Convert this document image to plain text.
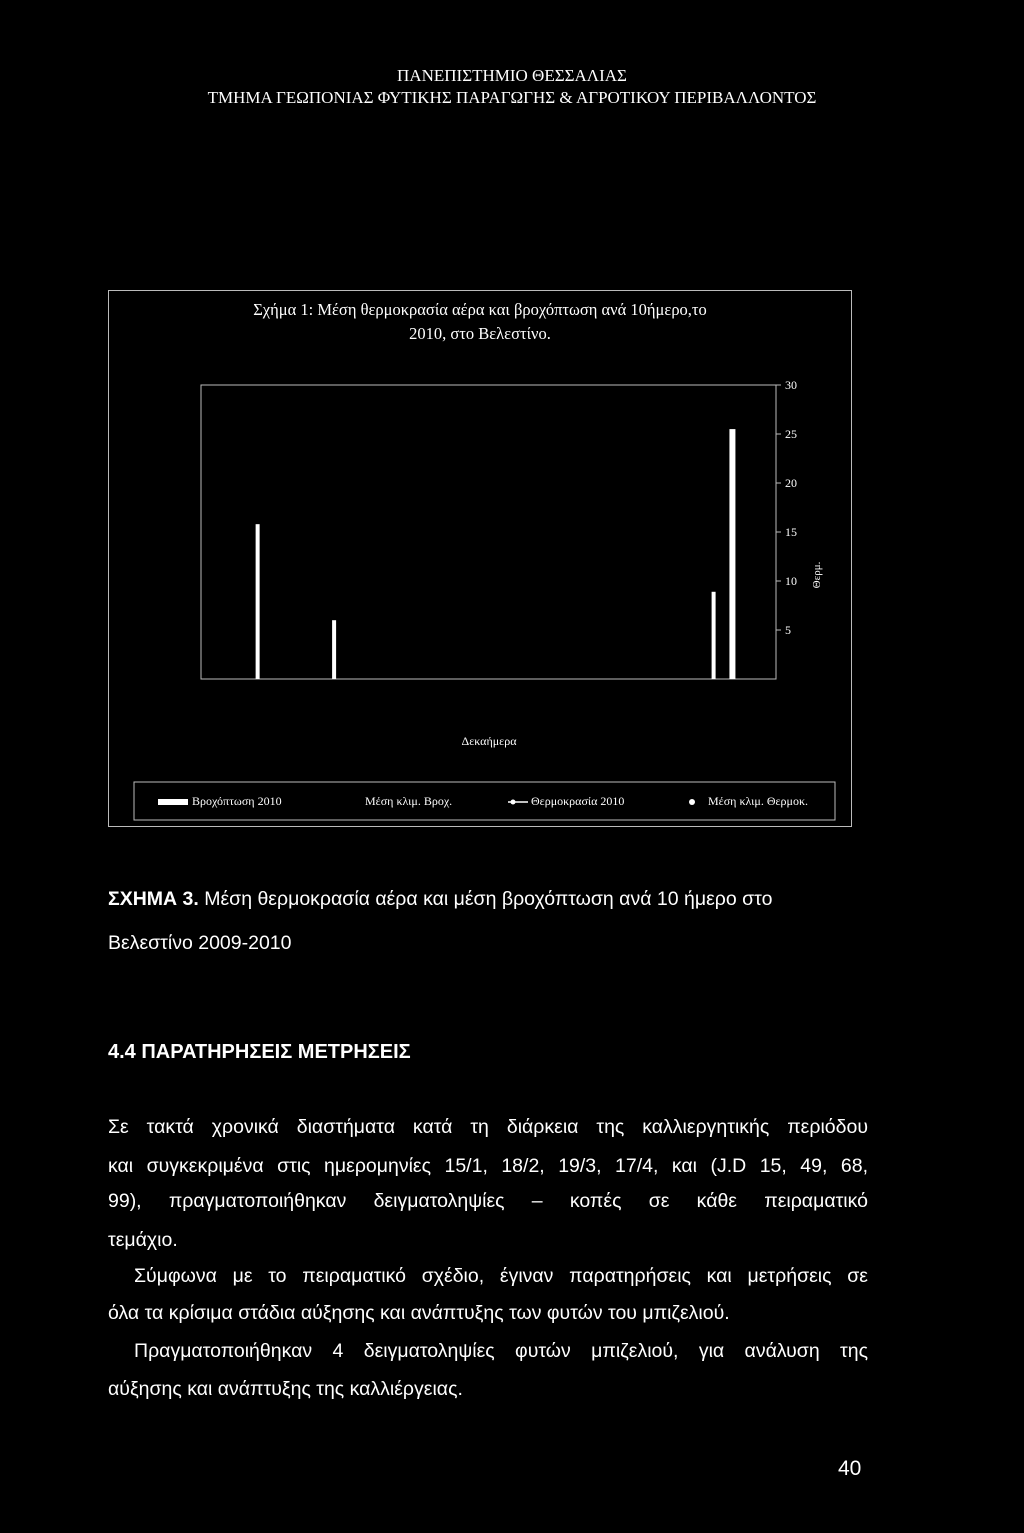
ΠΑΝΕΠΙΣΤΗΜΙΟ ΘΕΣΣΑΛΙΑΣ
ΤΜΗΜΑ ΓΕΩΠΟΝΙΑΣ ΦΥΤΙΚΗΣ ΠΑΡΑΓΩΓΗΣ & ΑΓΡΟΤΙΚΟΥ ΠΕΡΙΒΑΛΛΟΝΤΟΣ
Σχήμα 1: Μέση θερμοκρασία αέρα και βροχόπτωση ανά 10ήμερο,το
2010, στο Βελεστίνο.
5
10
15
20
25
30
Θερμ.
Δεκαήμερα
Βροχόπτωση 2010	Μέση κλιμ. Βροχ.	Θερμοκρασία 2010	Μέση κλιμ. Θερμοκ.
ΣΧΗΜΑ 3. Μέση θερμοκρασία αέρα και μέση βροχόπτωση ανά 10 ήμερο στο
Βελεστίνο 2009-2010
4.4 ΠΑΡΑΤΗΡΗΣΕΙΣ ΜΕΤΡΗΣΕΙΣ
Σε τακτά χρονικά διαστήματα κατά τη διάρκεια της καλλιεργητικής περιόδου
και συγκεκριμένα στις ημερομηνίες 15/1, 18/2, 19/3, 17/4, και (J.D 15, 49, 68,
99), πραγματοποιήθηκαν δειγματοληψίες – κοπές σε κάθε πειραματικό
τεμάχιο.
Σύμφωνα με το πειραματικό σχέδιο, έγιναν παρατηρήσεις και μετρήσεις σε
όλα τα κρίσιμα στάδια αύξησης και ανάπτυξης των φυτών του μπιζελιού.
Πραγματοποιήθηκαν 4 δειγματοληψίες φυτών μπιζελιού, για ανάλυση της
αύξησης και ανάπτυξης της καλλιέργειας.
40
